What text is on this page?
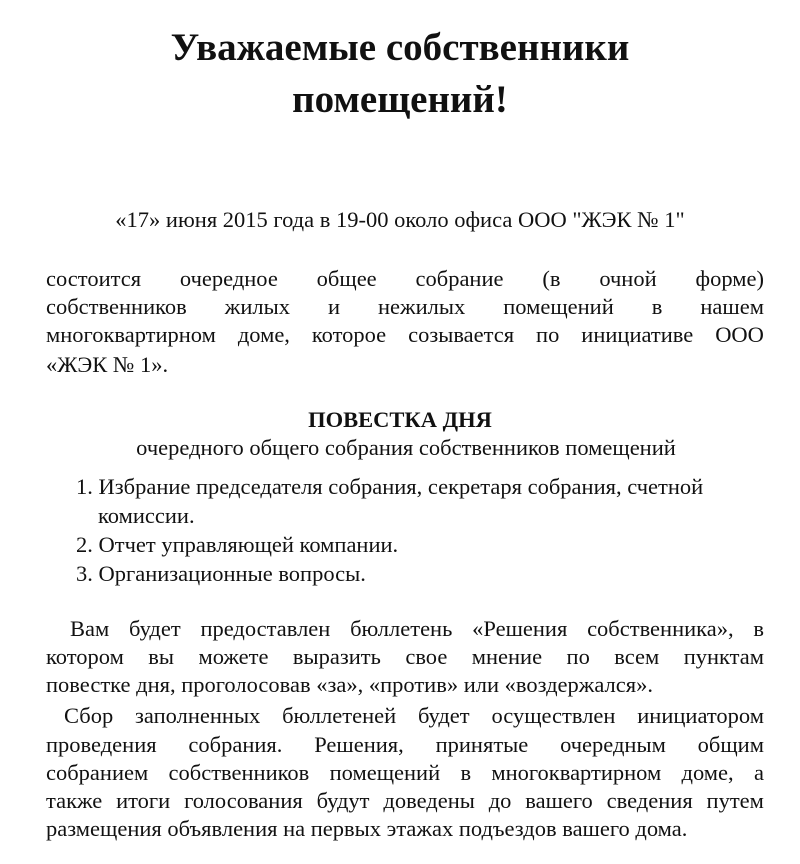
Уважаемые собственники
помещений!

«17» июня 2015 года в 19-00 около офиса ООО "ЖЭК № 1"

состоится очередное общее собрание (в очной форме)

собственников жилых и нежилых помещений в нашем

многоквартирном доме, которое созывается по инициативе ООО

«ЖЭК № 1».

ПОВЕСТКА ДНЯ

очередного общего собрания собственников помещений

1. Избрание председателя собрания, секретаря собрания, счетной

комиссии.

2. Отчет управляющей компании.

3. Организационные вопросы.

Вам будет предоставлен бюллетень «Решения собственника», в

котором вы можете выразить свое мнение по всем пунктам

повестке дня, проголосовав «за», «против» или «воздержался».

Сбор заполненных бюллетеней будет осуществлен инициатором

проведения собрания. Решения, принятые очередным общим

собранием собственников помещений в многоквартирном доме, а

также итоги голосования будут доведены до вашего сведения путем

размещения объявления на первых этажах подъездов вашего дома.
